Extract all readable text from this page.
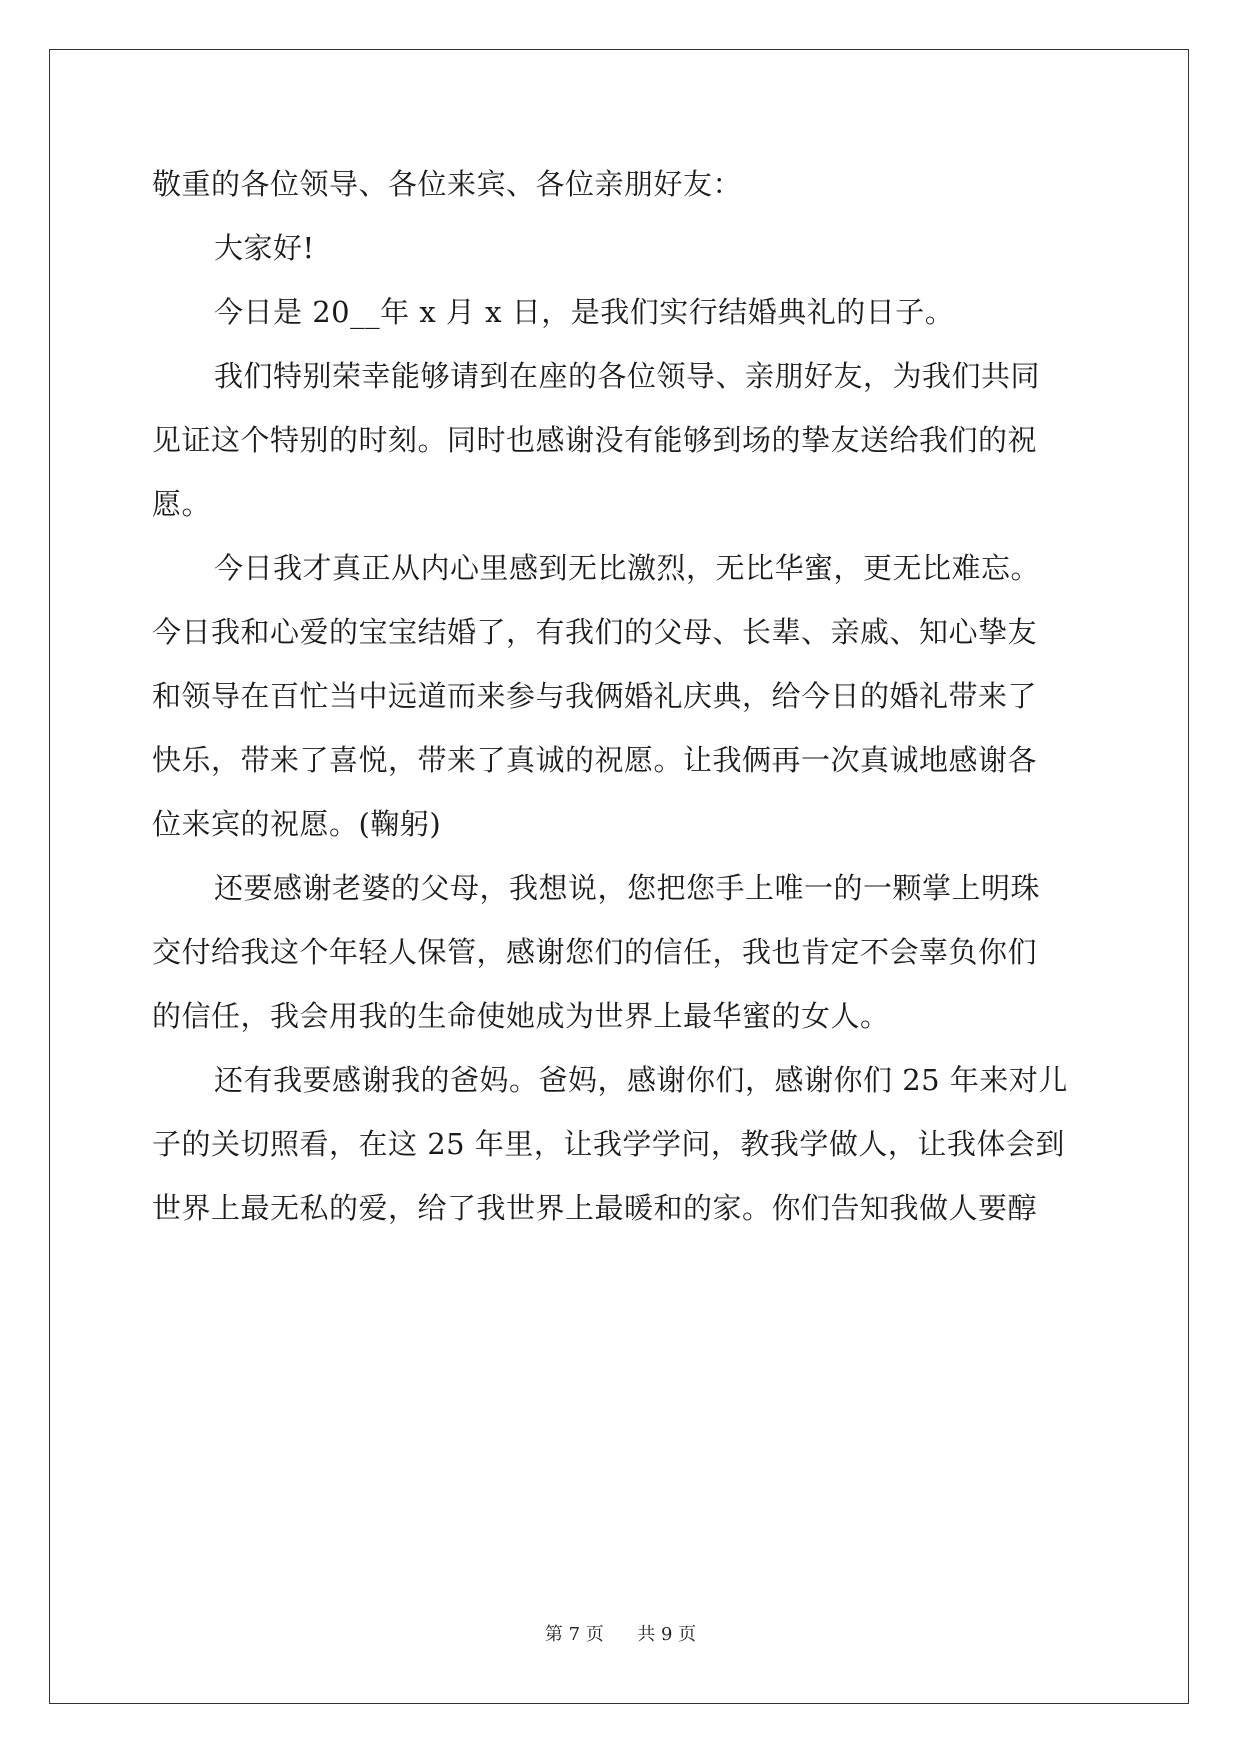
敬重的各位领导、各位来宾、各位亲朋好友：
大家好!
今日是 20__年 x 月 x 日，是我们实行结婚典礼的日子。
我们特别荣幸能够请到在座的各位领导、亲朋好友，为我们共同
见证这个特别的时刻。同时也感谢没有能够到场的挚友送给我们的祝
愿。
今日我才真正从内心里感到无比激烈，无比华蜜，更无比难忘。
今日我和心爱的宝宝结婚了，有我们的父母、长辈、亲戚、知心挚友
和领导在百忙当中远道而来参与我俩婚礼庆典，给今日的婚礼带来了
快乐，带来了喜悦，带来了真诚的祝愿。让我俩再一次真诚地感谢各
位来宾的祝愿。(鞠躬)
还要感谢老婆的父母，我想说，您把您手上唯一的一颗掌上明珠
交付给我这个年轻人保管，感谢您们的信任，我也肯定不会辜负你们
的信任，我会用我的生命使她成为世界上最华蜜的女人。
还有我要感谢我的爸妈。爸妈，感谢你们，感谢你们 25 年来对儿
子的关切照看，在这 25 年里，让我学学问，教我学做人，让我体会到
世界上最无私的爱，给了我世界上最暖和的家。你们告知我做人要醇
第 7 页 共 9 页
